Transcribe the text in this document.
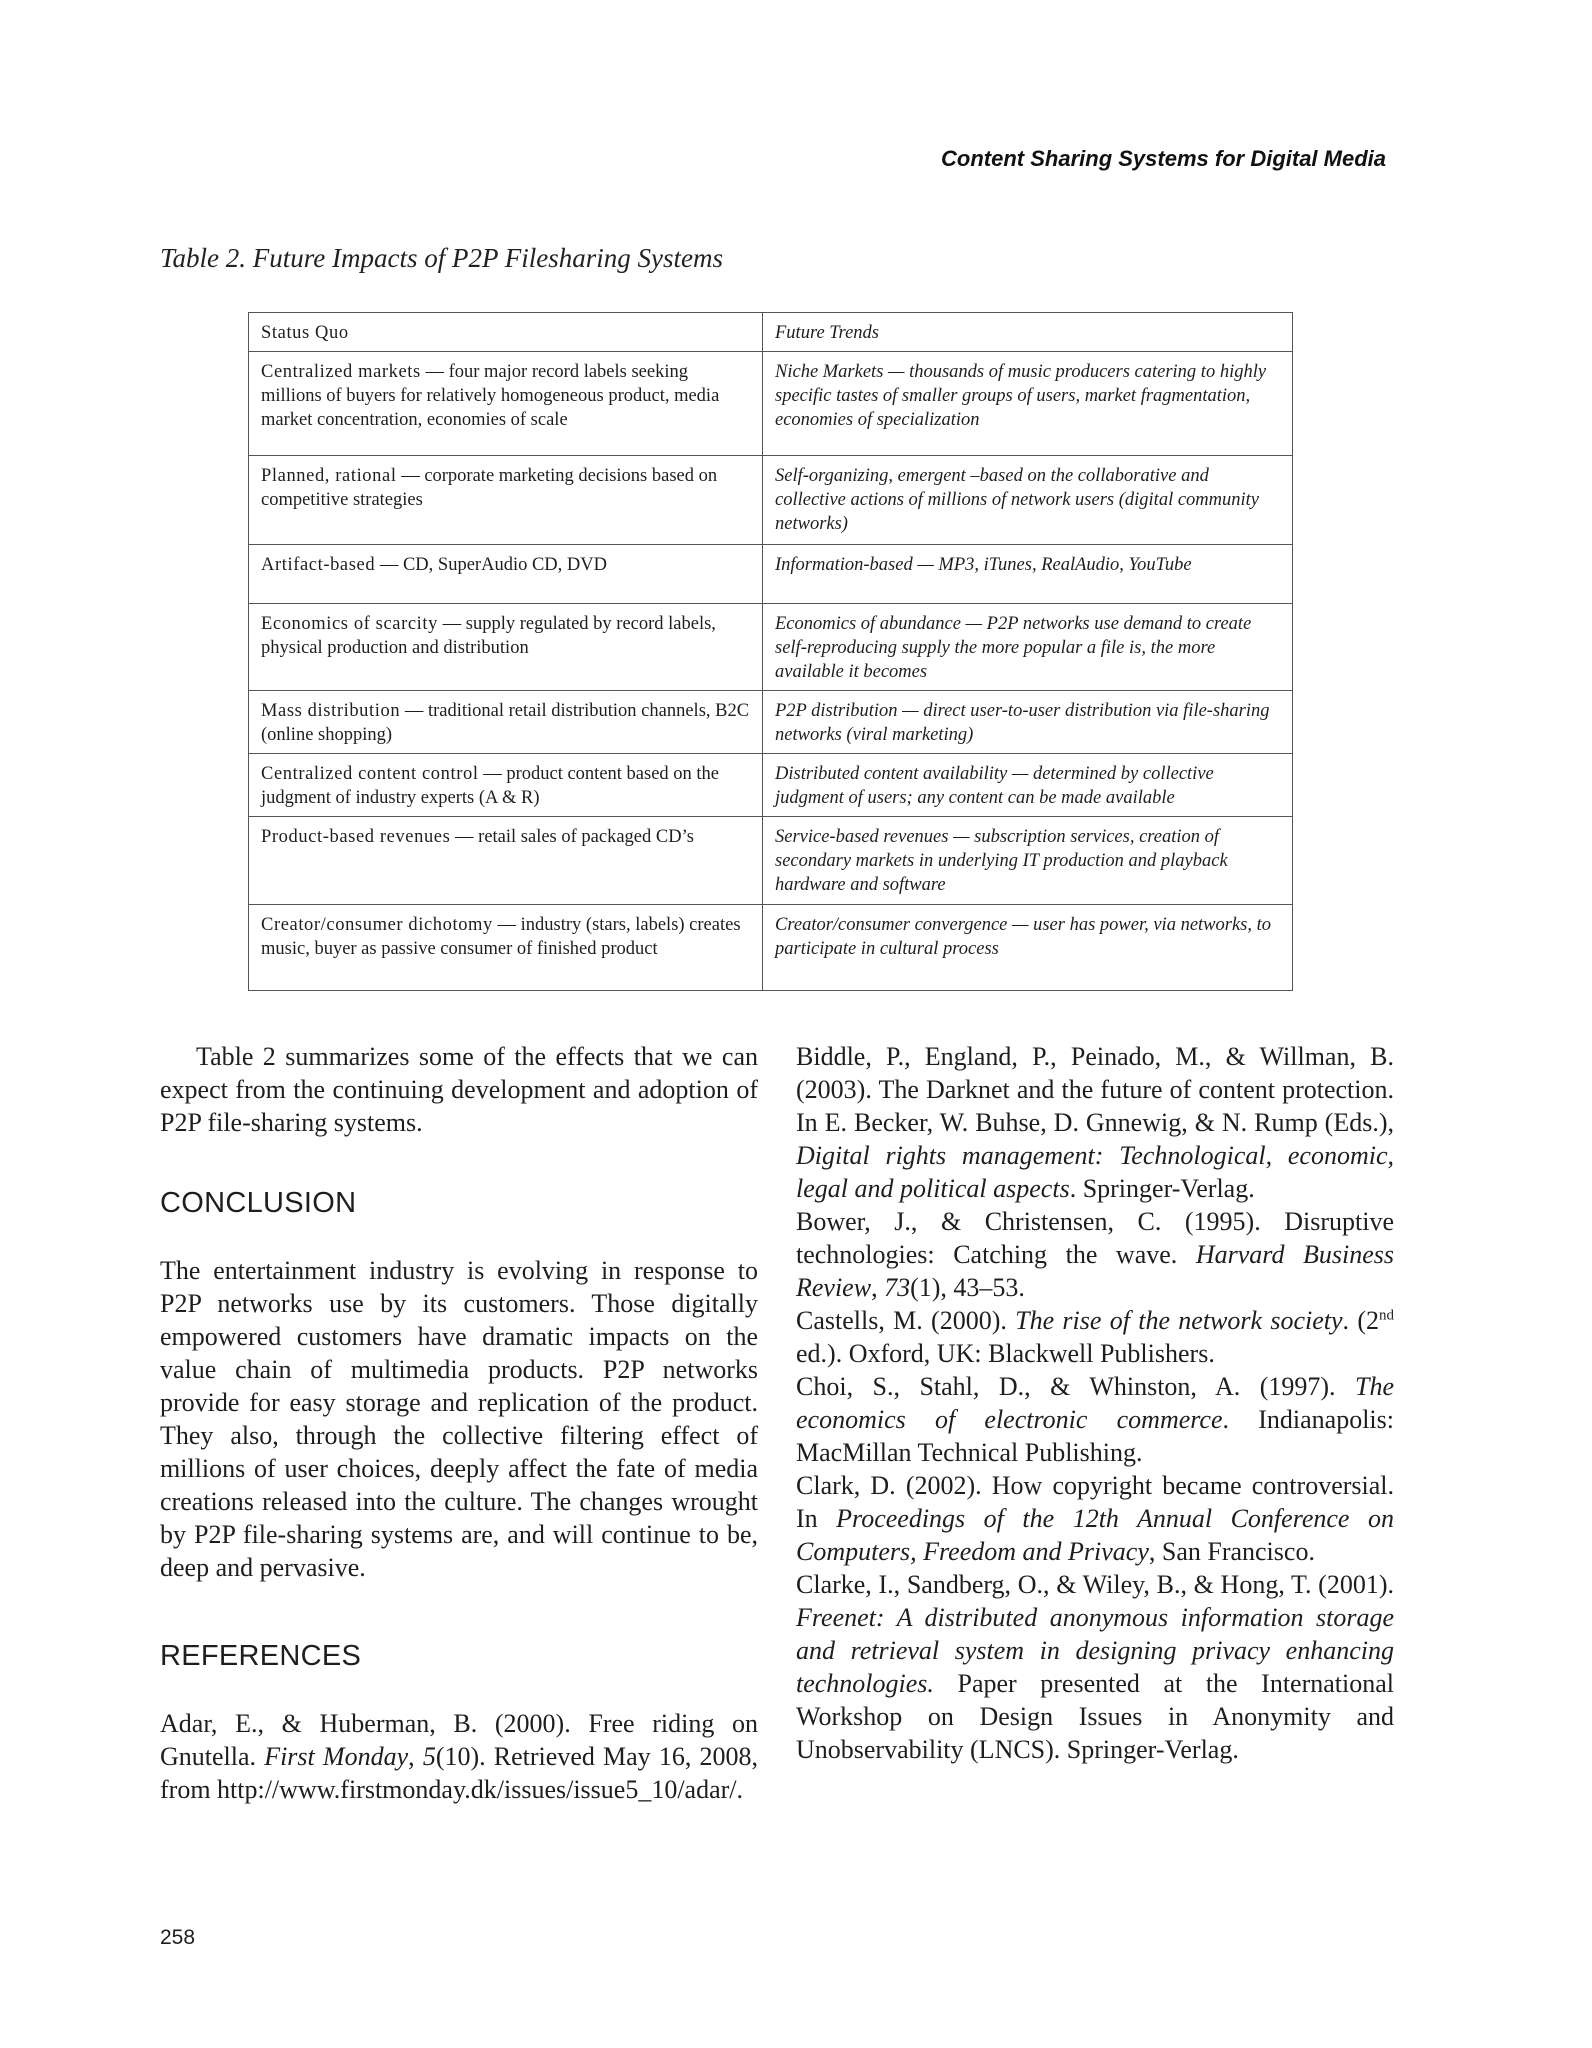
Content Sharing Systems for Digital Media
Table 2. Future Impacts of P2P Filesharing Systems
Status Quo	Future Trends
Centralized markets — four major record labels seeking millions of buyers for relatively homogeneous product, media market concentration, economies of scale	Niche Markets — thousands of music producers catering to highly specific tastes of smaller groups of users, market fragmentation, economies of specialization
Planned, rational — corporate marketing decisions based on competitive strategies	Self-organizing, emergent –based on the collaborative and collective actions of millions of network users (digital community networks)
Artifact-based — CD, SuperAudio CD, DVD	Information-based — MP3, iTunes, RealAudio, YouTube
Economics of scarcity — supply regulated by record labels, physical production and distribution	Economics of abundance — P2P networks use demand to create self-reproducing supply the more popular a file is, the more available it becomes
Mass distribution — traditional retail distribution channels, B2C (online shopping)	P2P distribution — direct user-to-user distribution via file-sharing networks (viral marketing)
Centralized content control — product content based on the judgment of industry experts (A & R)	Distributed content availability — determined by collective judgment of users; any content can be made available
Product-based revenues — retail sales of packaged CD’s	Service-based revenues — subscription services, creation of secondary markets in underlying IT production and playback hardware and software
Creator/consumer dichotomy — industry (stars, labels) creates music, buyer as passive consumer of finished product	Creator/consumer convergence — user has power, via networks, to participate in cultural process

Table 2 summarizes some of the effects that we can expect from the continuing development and adoption of P2P file-sharing systems.

CONCLUSION

The entertainment industry is evolving in response to P2P networks use by its customers. Those digitally empowered customers have dramatic impacts on the value chain of multimedia products. P2P networks provide for easy storage and replication of the product. They also, through the collective filtering effect of millions of user choices, deeply affect the fate of media creations released into the culture. The changes wrought by P2P file-sharing systems are, and will continue to be, deep and pervasive.

REFERENCES

Adar, E., & Huberman, B. (2000). Free riding on Gnutella. First Monday, 5(10). Retrieved May 16, 2008, from http://www.firstmonday.dk/issues/issue5_10/adar/.

Biddle, P., England, P., Peinado, M., & Willman, B. (2003). The Darknet and the future of content protection. In E. Becker, W. Buhse, D. Gnnewig, & N. Rump (Eds.), Digital rights management: Technological, economic, legal and political aspects. Springer-Verlag.

Bower, J., & Christensen, C. (1995). Disruptive technologies: Catching the wave. Harvard Business Review, 73(1), 43–53.

Castells, M. (2000). The rise of the network society. (2nd ed.). Oxford, UK: Blackwell Publishers.

Choi, S., Stahl, D., & Whinston, A. (1997). The economics of electronic commerce. Indianapolis: MacMillan Technical Publishing.

Clark, D. (2002). How copyright became controversial. In Proceedings of the 12th Annual Conference on Computers, Freedom and Privacy, San Francisco.

Clarke, I., Sandberg, O., & Wiley, B., & Hong, T. (2001). Freenet: A distributed anonymous information storage and retrieval system in designing privacy enhancing technologies. Paper presented at the International Workshop on Design Issues in Anonymity and Unobservability (LNCS). Springer-Verlag.

258
